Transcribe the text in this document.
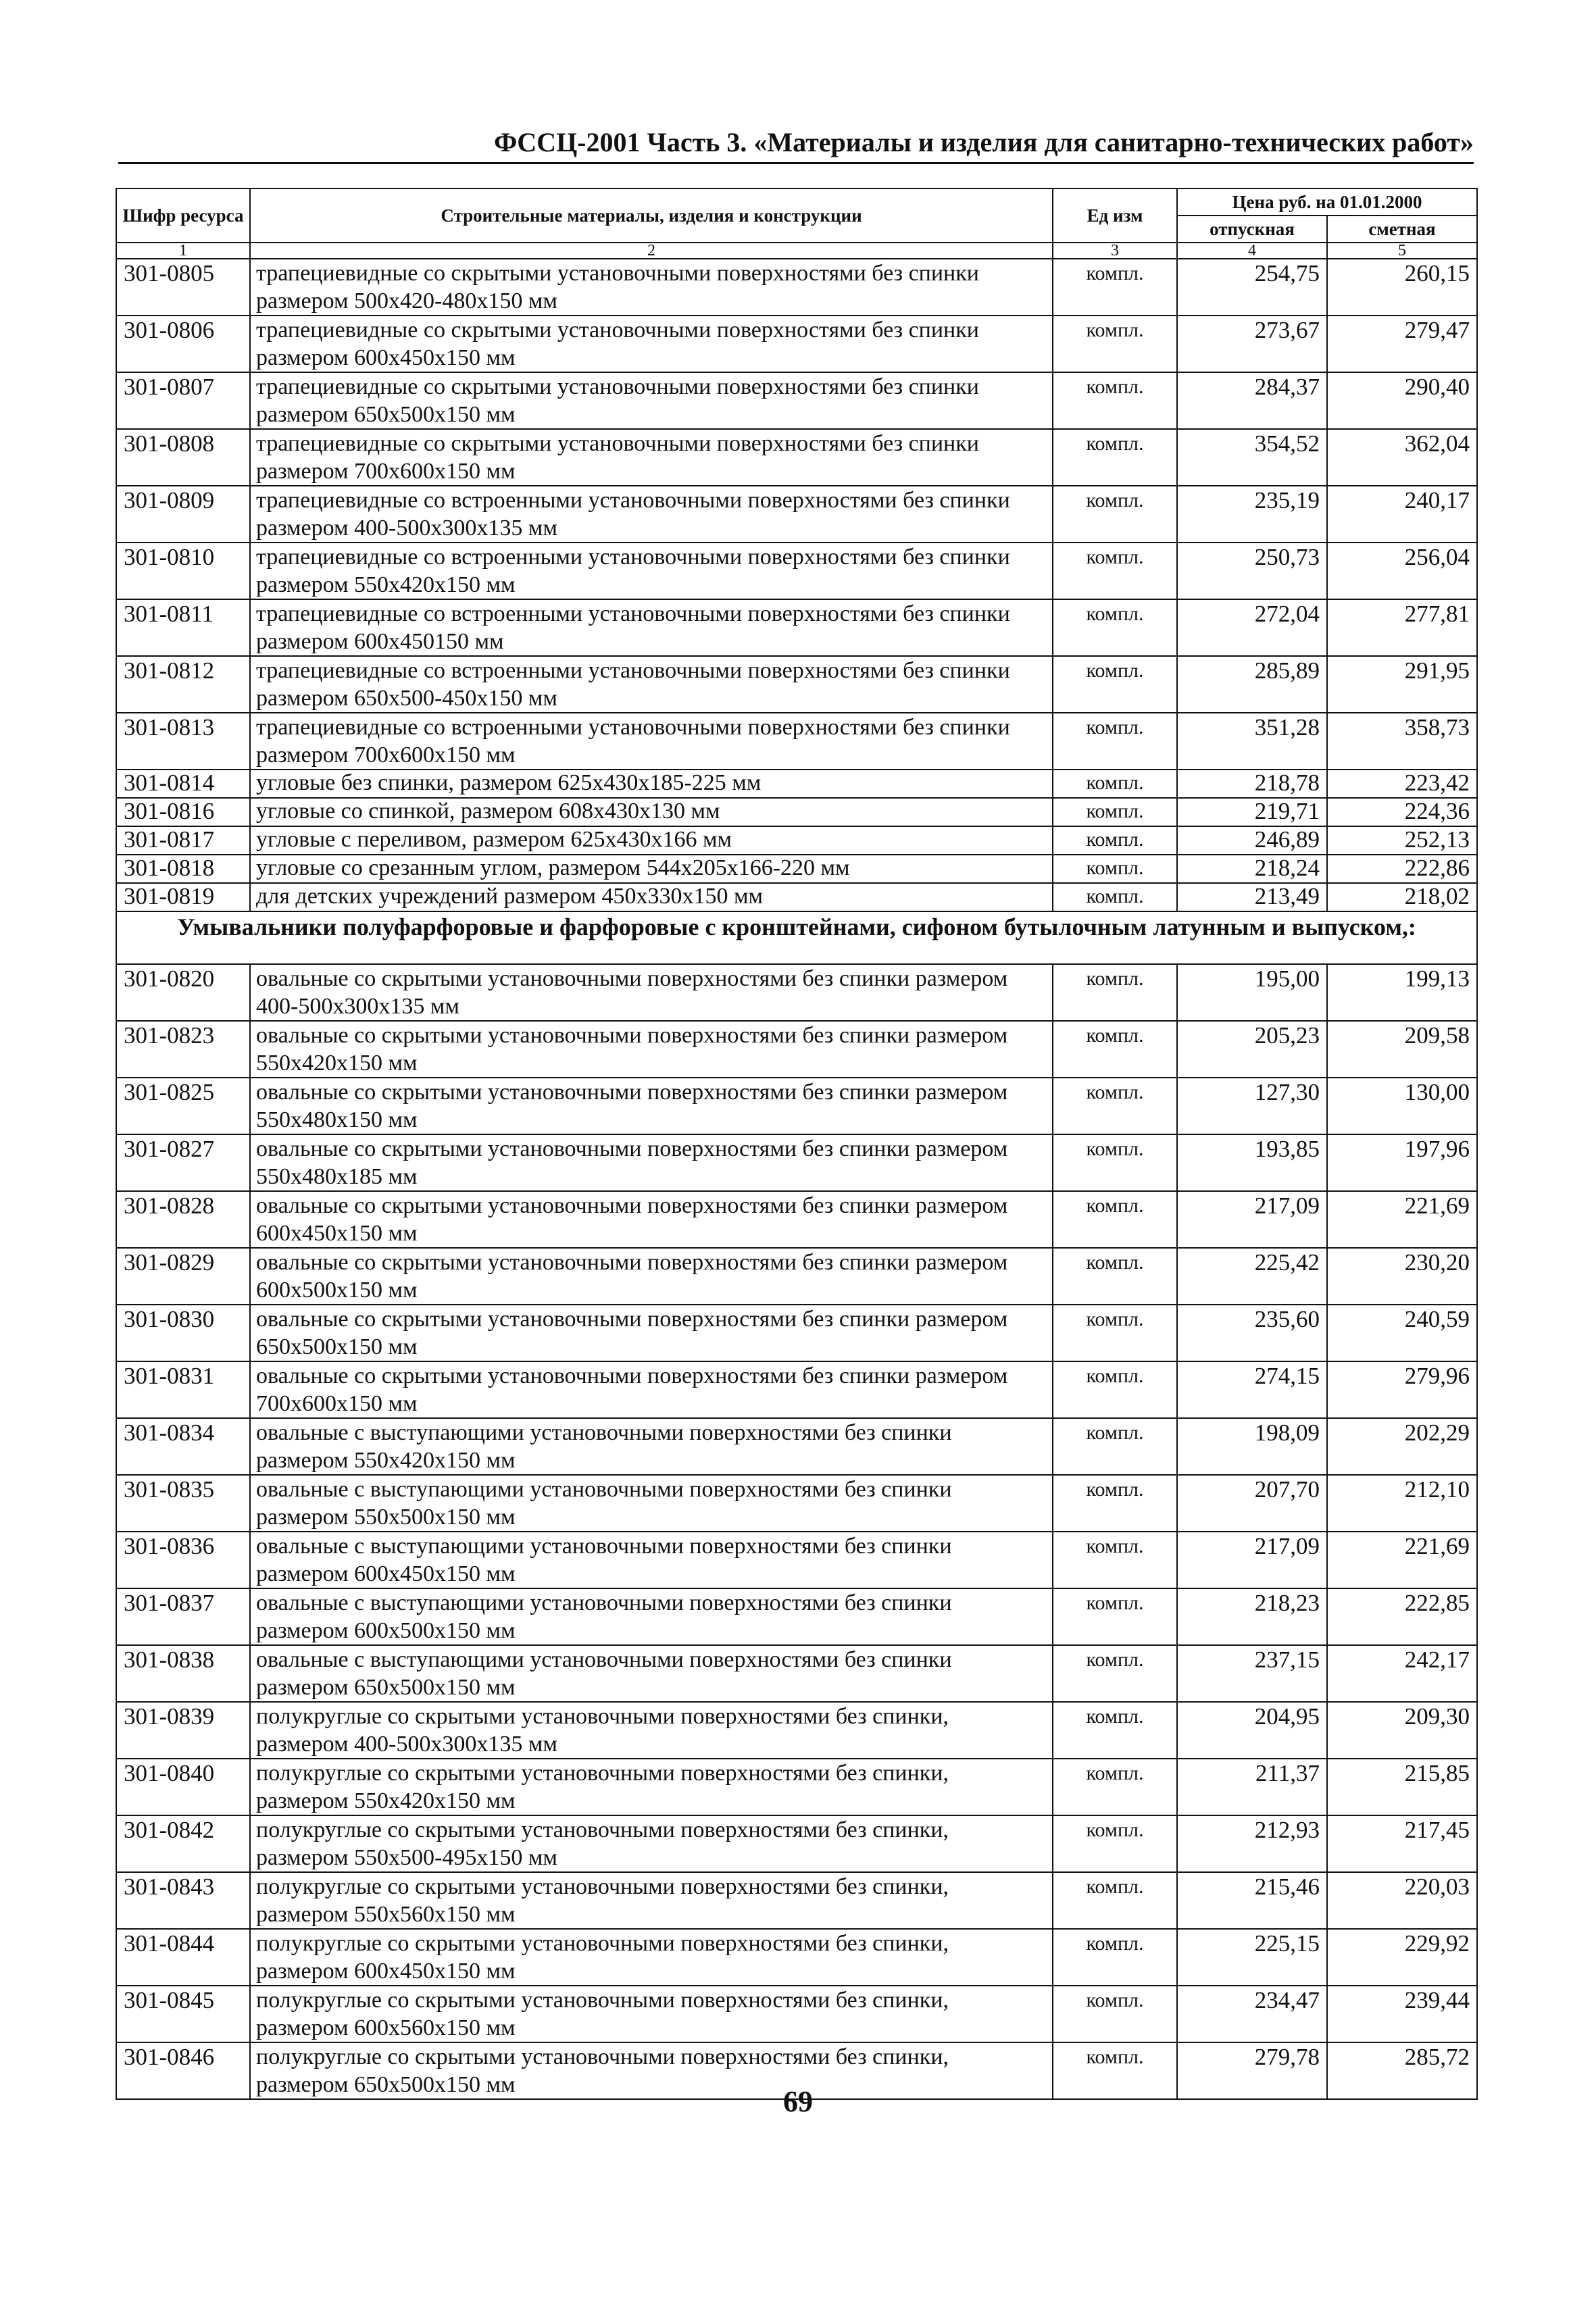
ФССЦ-2001 Часть 3. «Материалы и изделия для санитарно-технических работ»
Шифр ресурса	Строительные материалы, изделия и конструкции	Ед изм	Цена руб. на 01.01.2000	
			отпускная	сметная
1	2	3	4	5
301-0805	трапециевидные со скрытыми установочными поверхностями без спинки размером 500x420-480x150 мм	компл.	254,75	260,15
301-0806	трапециевидные со скрытыми установочными поверхностями без спинки размером 600x450x150 мм	компл.	273,67	279,47
301-0807	трапециевидные со скрытыми установочными поверхностями без спинки размером 650x500x150 мм	компл.	284,37	290,40
301-0808	трапециевидные со скрытыми установочными поверхностями без спинки размером 700x600x150 мм	компл.	354,52	362,04
301-0809	трапециевидные со встроенными установочными поверхностями без спинки размером 400-500x300x135 мм	компл.	235,19	240,17
301-0810	трапециевидные со встроенными установочными поверхностями без спинки размером 550x420x150 мм	компл.	250,73	256,04
301-0811	трапециевидные со встроенными установочными поверхностями без спинки размером 600x450150 мм	компл.	272,04	277,81
301-0812	трапециевидные со встроенными установочными поверхностями без спинки размером 650x500-450x150 мм	компл.	285,89	291,95
301-0813	трапециевидные со встроенными установочными поверхностями без спинки размером 700x600x150 мм	компл.	351,28	358,73
301-0814	угловые без спинки, размером 625x430x185-225 мм	компл.	218,78	223,42
301-0816	угловые со спинкой, размером 608x430x130 мм	компл.	219,71	224,36
301-0817	угловые с переливом, размером 625x430x166 мм	компл.	246,89	252,13
301-0818	угловые со срезанным углом, размером 544x205x166-220 мм	компл.	218,24	222,86
301-0819	для детских учреждений размером 450x330x150 мм	компл.	213,49	218,02
Умывальники полуфарфоровые и фарфоровые с кронштейнами, сифоном бутылочным латунным и выпуском,:				
301-0820	овальные со скрытыми установочными поверхностями без спинки размером 400-500x300x135 мм	компл.	195,00	199,13
301-0823	овальные со скрытыми установочными поверхностями без спинки размером 550x420x150 мм	компл.	205,23	209,58
301-0825	овальные со скрытыми установочными поверхностями без спинки размером 550x480x150 мм	компл.	127,30	130,00
301-0827	овальные со скрытыми установочными поверхностями без спинки размером 550x480x185 мм	компл.	193,85	197,96
301-0828	овальные со скрытыми установочными поверхностями без спинки размером 600x450x150 мм	компл.	217,09	221,69
301-0829	овальные со скрытыми установочными поверхностями без спинки размером 600x500x150 мм	компл.	225,42	230,20
301-0830	овальные со скрытыми установочными поверхностями без спинки размером 650x500x150 мм	компл.	235,60	240,59
301-0831	овальные со скрытыми установочными поверхностями без спинки размером 700x600x150 мм	компл.	274,15	279,96
301-0834	овальные с выступающими установочными поверхностями без спинки размером 550x420x150 мм	компл.	198,09	202,29
301-0835	овальные с выступающими установочными поверхностями без спинки размером 550x500x150 мм	компл.	207,70	212,10
301-0836	овальные с выступающими установочными поверхностями без спинки размером 600x450x150 мм	компл.	217,09	221,69
301-0837	овальные с выступающими установочными поверхностями без спинки размером 600x500x150 мм	компл.	218,23	222,85
301-0838	овальные с выступающими установочными поверхностями без спинки размером 650x500x150 мм	компл.	237,15	242,17
301-0839	полукруглые со скрытыми установочными поверхностями без спинки, размером 400-500x300x135 мм	компл.	204,95	209,30
301-0840	полукруглые со скрытыми установочными поверхностями без спинки, размером 550x420x150 мм	компл.	211,37	215,85
301-0842	полукруглые со скрытыми установочными поверхностями без спинки, размером 550x500-495x150 мм	компл.	212,93	217,45
301-0843	полукруглые со скрытыми установочными поверхностями без спинки, размером 550x560x150 мм	компл.	215,46	220,03
301-0844	полукруглые со скрытыми установочными поверхностями без спинки, размером 600x450x150 мм	компл.	225,15	229,92
301-0845	полукруглые со скрытыми установочными поверхностями без спинки, размером 600x560x150 мм	компл.	234,47	239,44
301-0846	полукруглые со скрытыми установочными поверхностями без спинки, размером 650x500x150 мм	компл.	279,78	285,72
69
